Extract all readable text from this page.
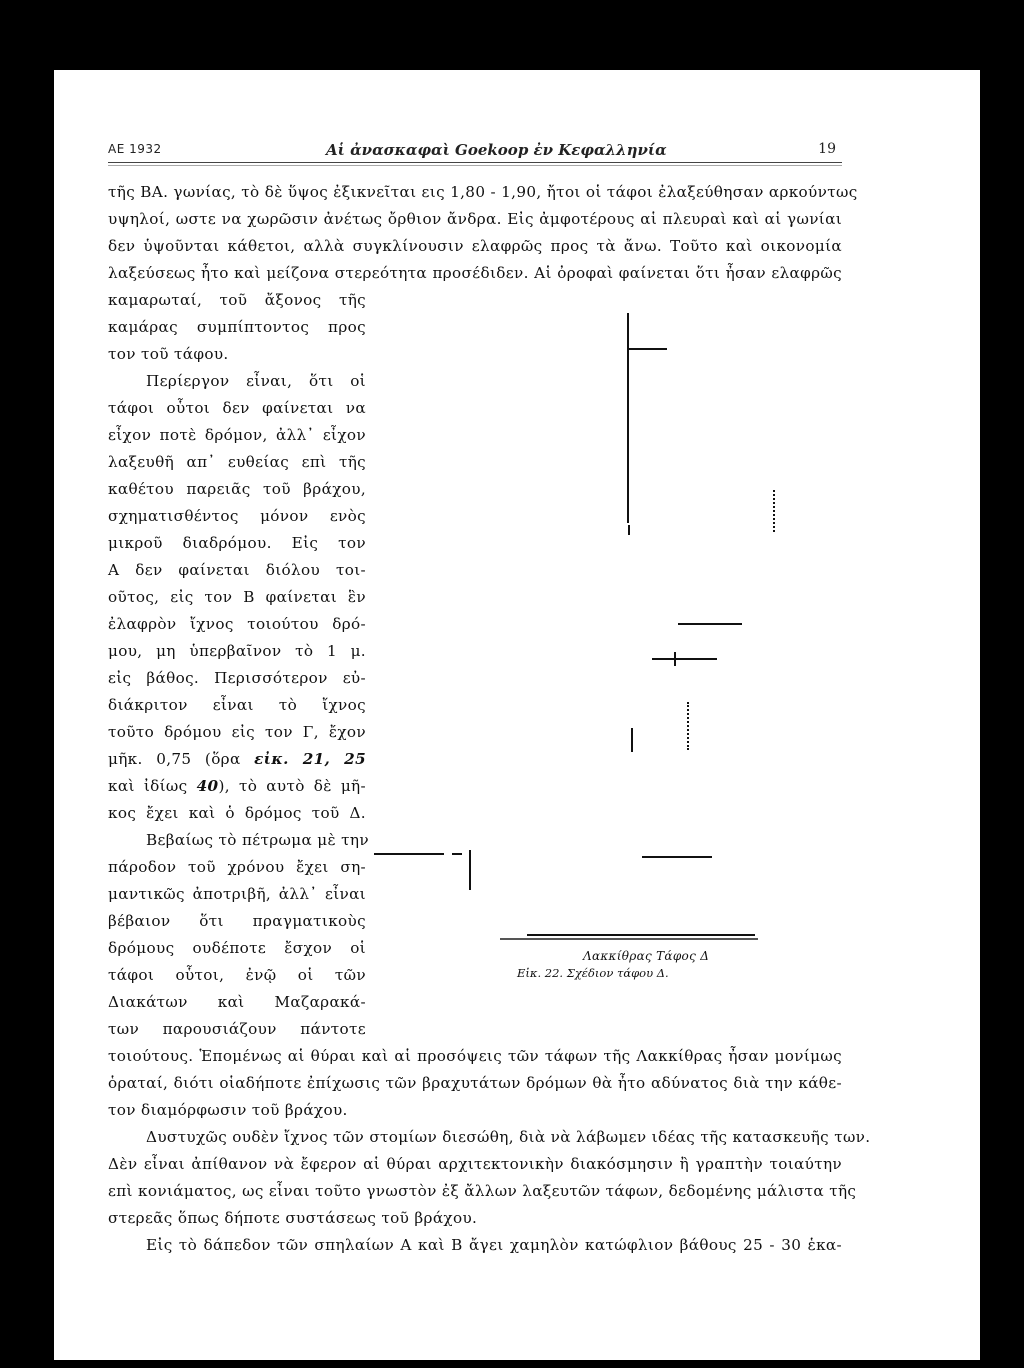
ΑΕ 1932	Αἱ ἀνασκαφαὶ Goekoop ἐν Κεφαλληνία	19
τῆς ΒΑ. γωνίας, τὸ δὲ ὕψος ἐξικνεῖται εις 1,80 - 1,90, ἤτοι οἱ τάφοι ἐλαξεύθησαν αρκούντως
υψηλοί, ωστε να χωρῶσιν ἀνέτως ὄρθιον ἄνδρα. Εἰς ἀμφοτέρους αἱ πλευραὶ καὶ αἱ γωνίαι
δεν ὑψοῦνται κάθετοι, αλλὰ συγκλίνουσιν ελαφρῶς προς τὰ ἄνω. Τοῦτο καὶ οικονομία
λαξεύσεως ἦτο καὶ μείζονα στερεότητα προσέδιδεν. Αἱ ὀροφαὶ φαίνεται ὅτι ἦσαν ελαφρῶς
καμαρωταί, τοῦ ἄξονος τῆς
καμάρας συμπίπτοντος προς
τον τοῦ τάφου.
Περίεργον εἶναι, ὅτι οἱ
τάφοι οὗτοι δεν φαίνεται να
εἶχον ποτὲ δρόμον, ἀλλ᾽ εἶχον
λαξευθῆ απ᾽ ευθείας επὶ τῆς
καθέτου παρειᾶς τοῦ βράχου,
σχηματισθέντος μόνον ενὸς
μικροῦ διαδρόμου. Εἰς τον
Α δεν φαίνεται διόλου τοι-
οῦτος, εἰς τον Β φαίνεται ἓν
ἐλαφρὸν ἴχνος τοιούτου δρό-
μου, μη ὑπερβαῖνον τὸ 1 μ.
εἰς βάθος. Περισσότερον εὐ-
διάκριτον εἶναι τὸ ἴχνος
τοῦτο δρόμου εἰς τον Γ, ἔχον
μῆκ. 0,75 (ὅρα εἰκ. 21, 25
καὶ ἰδίως 40), τὸ αυτὸ δὲ μῆ-
κος ἔχει καὶ ὁ δρόμος τοῦ Δ.
Βεβαίως τὸ πέτρωμα μὲ την
πάροδον τοῦ χρόνου ἔχει ση-
μαντικῶς ἀποτριβῆ, ἀλλ᾽ εἶναι
βέβαιον ὅτι πραγματικοὺς
δρόμους ουδέποτε ἔσχον οἱ
τάφοι οὗτοι, ἐνῷ οἱ τῶν
Διακάτων καὶ Μαζαρακά-
των παρουσιάζουν πάντοτε
Λακκίθρας Τάφος Δ
Εἰκ. 22. Σχέδιον τάφου Δ.
τοιούτους. Ἑπομένως αἱ θύραι καὶ αἱ προσόψεις τῶν τάφων τῆς Λακκίθρας ἦσαν μονίμως
ὁραταί, διότι οἱαδήποτε ἐπίχωσις τῶν βραχυτάτων δρόμων θὰ ἦτο αδύνατος διὰ την κάθε-
τον διαμόρφωσιν τοῦ βράχου.
Δυστυχῶς ουδὲν ἴχνος τῶν στομίων διεσώθη, διὰ νὰ λάβωμεν ιδέας τῆς κατασκευῆς των.
Δὲν εἶναι ἀπίθανον νὰ ἔφερον αἱ θύραι αρχιτεκτονικὴν διακόσμησιν ἢ γραπτὴν τοιαύτην
επὶ κονιάματος, ως εἶναι τοῦτο γνωστὸν ἐξ ἄλλων λαξευτῶν τάφων, δεδομένης μάλιστα τῆς
στερεᾶς ὅπως δήποτε συστάσεως τοῦ βράχου.
Εἰς τὸ δάπεδον τῶν σπηλαίων Α καὶ Β ἄγει χαμηλὸν κατώφλιον βάθους 25 - 30 ἑκα-
